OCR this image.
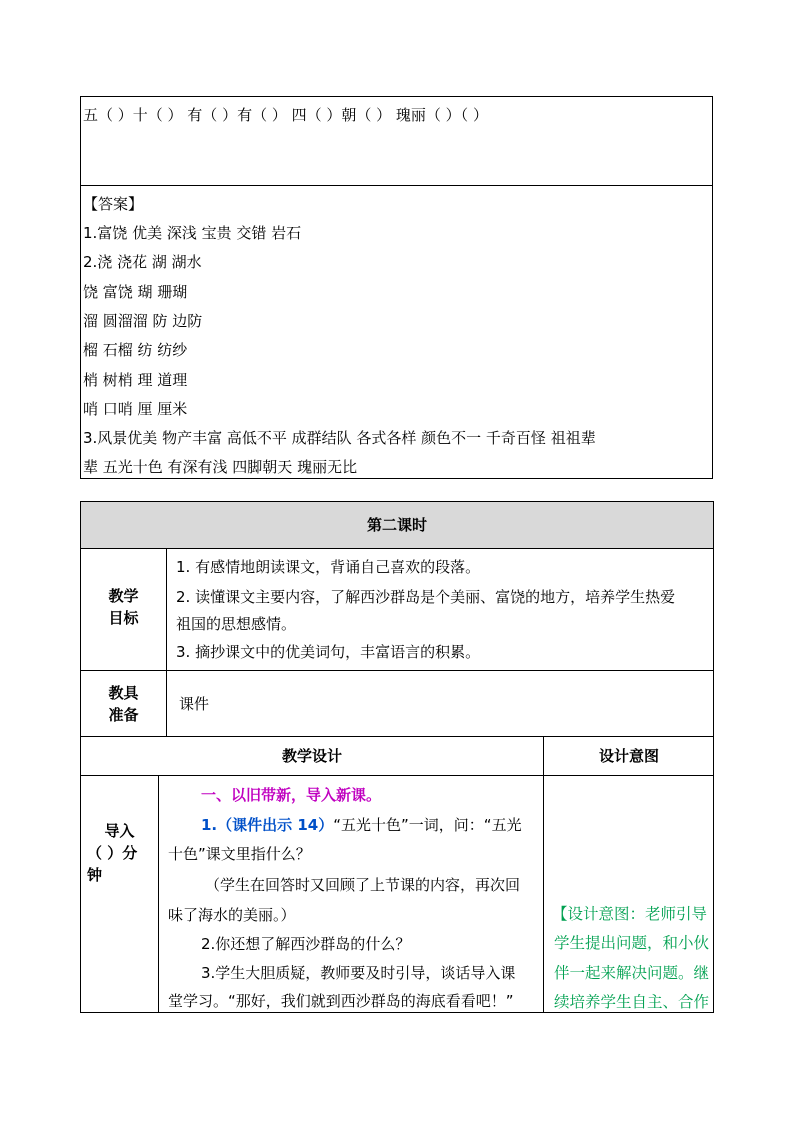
五（ ）十（ ） 有（ ）有（ ） 四（ ）朝（ ） 瑰丽（ ）（ ）
【答案】
1.富饶 优美 深浅 宝贵 交错 岩石
2.浇 浇花 湖 湖水
饶 富饶 瑚 珊瑚
溜 圆溜溜 防 边防
榴 石榴 纺 纺纱
梢 树梢 理 道理
哨 口哨 厘 厘米
3.风景优美 物产丰富 高低不平 成群结队 各式各样 颜色不一 千奇百怪 祖祖辈
辈 五光十色 有深有浅 四脚朝天 瑰丽无比
第二课时
教学
目标
1. 有感情地朗读课文，背诵自己喜欢的段落。
2. 读懂课文主要内容，了解西沙群岛是个美丽、富饶的地方，培养学生热爱
祖国的思想感情。
3. 摘抄课文中的优美词句，丰富语言的积累。
教具
准备
课件
教学设计	设计意图
导入
（ ）分
钟
一、以旧带新，导入新课。
1.（课件出示 14）“五光十色”一词，问：“五光
十色”课文里指什么？
（学生在回答时又回顾了上节课的内容，再次回
味了海水的美丽。）
2.你还想了解西沙群岛的什么？
3.学生大胆质疑，教师要及时引导，谈话导入课
堂学习。“那好，我们就到西沙群岛的海底看看吧！”
【设计意图：老师引导
学生提出问题，和小伙
伴一起来解决问题。继
续培养学生自主、合作
